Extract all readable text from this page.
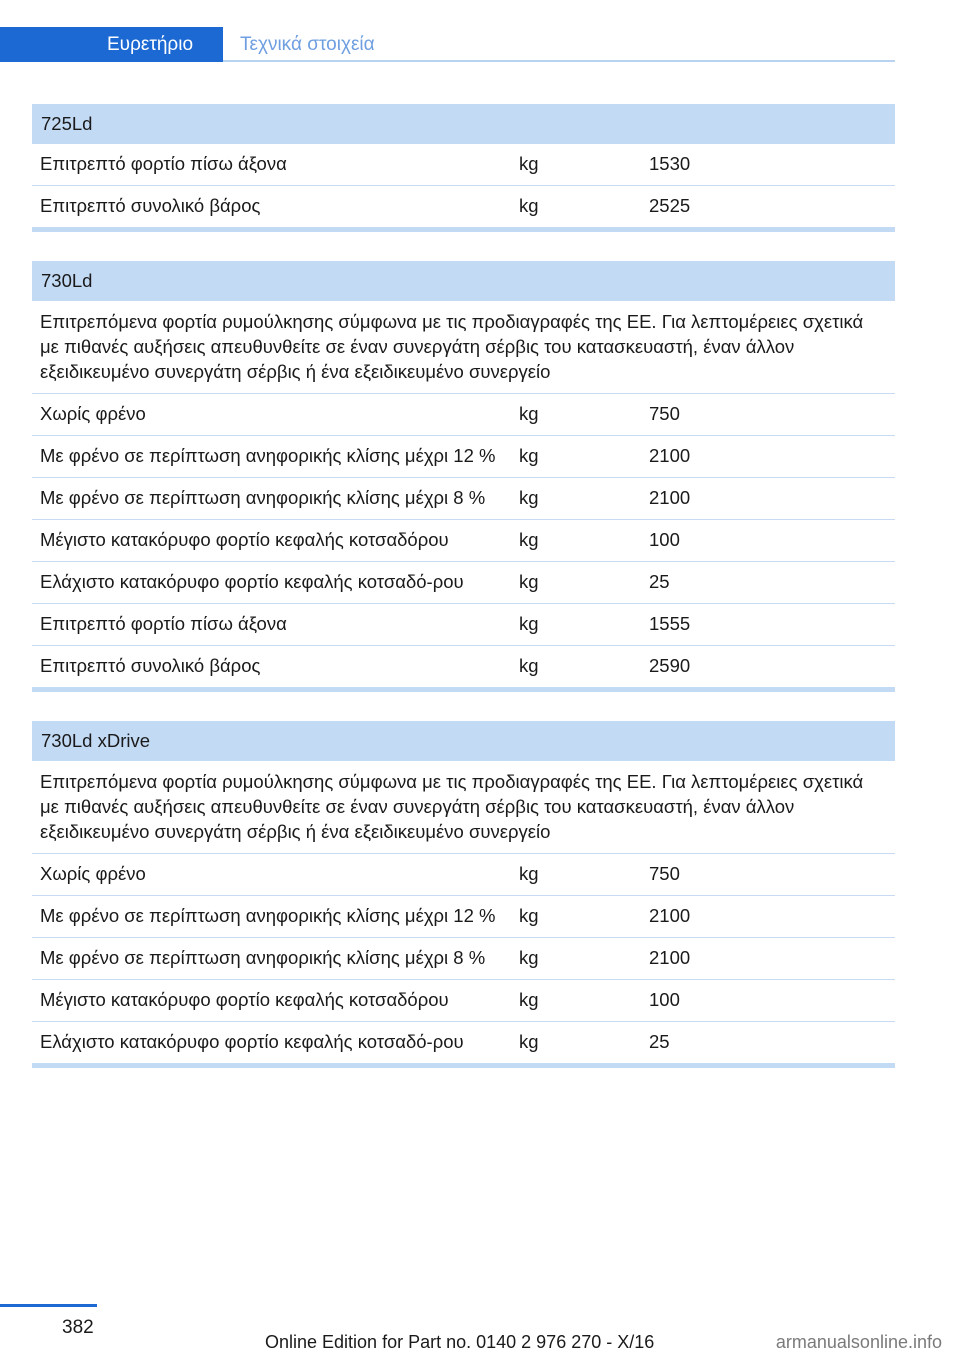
Ευρετήριο	Τεχνικά στοιχεία
725Ld		
Επιτρεπτό φορτίο πίσω άξονα	kg	1530
Επιτρεπτό συνολικό βάρος	kg	2525
730Ld		
Επιτρεπόμενα φορτία ρυμούλκησης σύμφωνα με τις προδιαγραφές της ΕΕ. Για λεπτομέρειες σχετικά με πιθανές αυξήσεις απευθυνθείτε σε έναν συνεργάτη σέρβις του κατασκευαστή, έναν άλλον εξειδικευμένο συνεργάτη σέρβις ή ένα εξειδικευμένο συνεργείο		
Χωρίς φρένο	kg	750
Με φρένο σε περίπτωση ανηφορικής κλίσης μέχρι 12 %	kg	2100
Με φρένο σε περίπτωση ανηφορικής κλίσης μέχρι 8 %	kg	2100
Μέγιστο κατακόρυφο φορτίο κεφαλής κοτσαδόρου	kg	100
Ελάχιστο κατακόρυφο φορτίο κεφαλής κοτσαδό-ρου	kg	25
Επιτρεπτό φορτίο πίσω άξονα	kg	1555
Επιτρεπτό συνολικό βάρος	kg	2590
730Ld xDrive		
Επιτρεπόμενα φορτία ρυμούλκησης σύμφωνα με τις προδιαγραφές της ΕΕ. Για λεπτομέρειες σχετικά με πιθανές αυξήσεις απευθυνθείτε σε έναν συνεργάτη σέρβις του κατασκευαστή, έναν άλλον εξειδικευμένο συνεργάτη σέρβις ή ένα εξειδικευμένο συνεργείο		
Χωρίς φρένο	kg	750
Με φρένο σε περίπτωση ανηφορικής κλίσης μέχρι 12 %	kg	2100
Με φρένο σε περίπτωση ανηφορικής κλίσης μέχρι 8 %	kg	2100
Μέγιστο κατακόρυφο φορτίο κεφαλής κοτσαδόρου	kg	100
Ελάχιστο κατακόρυφο φορτίο κεφαλής κοτσαδό-ρου	kg	25
382
Online Edition for Part no. 0140 2 976 270 - X/16	armanualsonline.info
